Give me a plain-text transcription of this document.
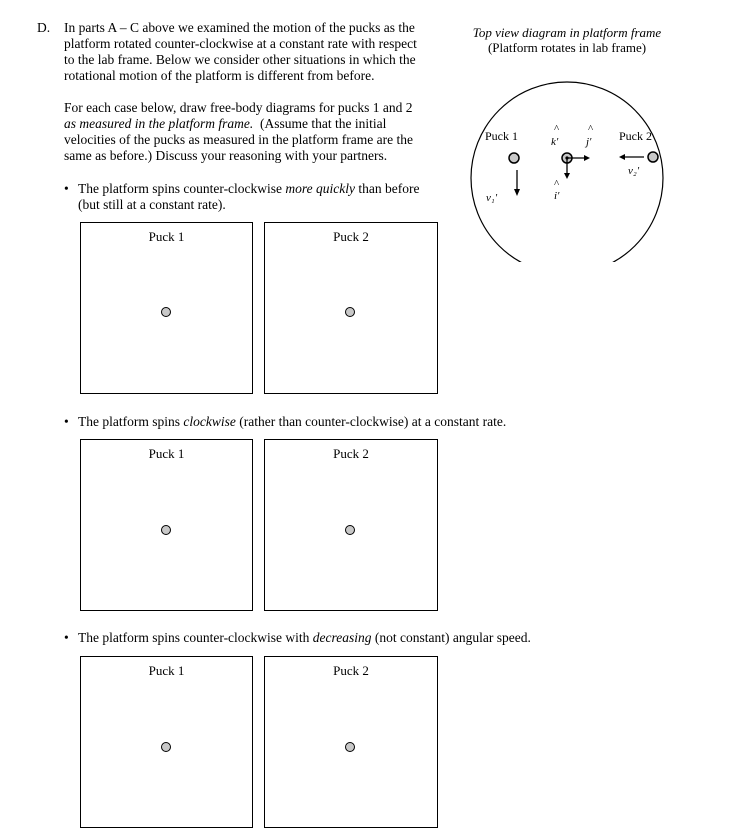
D. In parts A – C above we examined the motion of the pucks as the

platform rotated counter-clockwise at a constant rate with respect

to the lab frame. Below we consider other situations in which the

rotational motion of the platform is different from before.

For each case below, draw free-body diagrams for pucks 1 and 2

as measured in the platform frame.  (Assume that the initial

velocities of the pucks as measured in the platform frame are the

same as before.) Discuss your reasoning with your partners.

Top view diagram in platform frame
(Platform rotates in lab frame)
Puck 1	Puck 2
v₁′
^
k′
^
j′
^
i′
v₂′
• The platform spins counter-clockwise more quickly than before
(but still at a constant rate).
Puck 1	Puck 2
• The platform spins clockwise (rather than counter-clockwise) at a constant rate.
Puck 1	Puck 2
• The platform spins counter-clockwise with decreasing (not constant) angular speed.
Puck 1	Puck 2
